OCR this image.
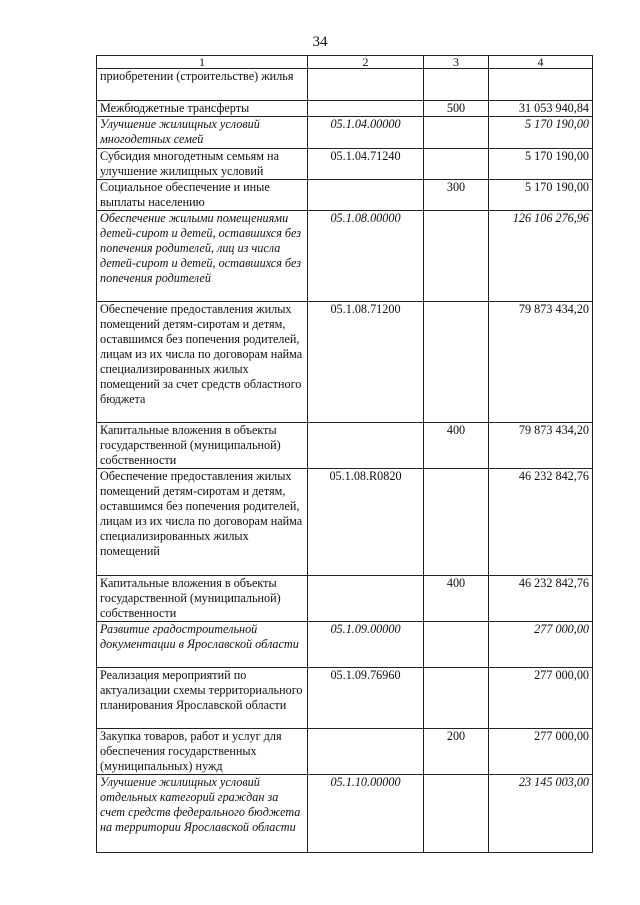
34
1	2	3	4
приобретении (строительстве) жилья			
Межбюджетные трансферты		500	31 053 940,84
Улучшение жилищных условий многодетных семей	05.1.04.00000		5 170 190,00
Субсидия многодетным семьям на улучшение жилищных условий	05.1.04.71240		5 170 190,00
Социальное обеспечение и иные выплаты населению		300	5 170 190,00
Обеспечение жилыми помещениями детей-сирот и детей, оставшихся без попечения родителей, лиц из числа детей-сирот и детей, оставшихся без попечения родителей	05.1.08.00000		126 106 276,96
Обеспечение предоставления жилых помещений детям-сиротам и детям, оставшимся без попечения родителей, лицам из их числа по договорам найма специализированных жилых помещений за счет средств областного бюджета	05.1.08.71200		79 873 434,20
Капитальные вложения в объекты государственной (муниципальной) собственности		400	79 873 434,20
Обеспечение предоставления жилых помещений детям-сиротам и детям, оставшимся без попечения родителей, лицам из их числа по договорам найма специализированных жилых помещений	05.1.08.R0820		46 232 842,76
Капитальные вложения в объекты государственной (муниципальной) собственности		400	46 232 842,76
Развитие градостроительной документации в Ярославской области	05.1.09.00000		277 000,00
Реализация мероприятий по актуализации схемы территориального планирования Ярославской области	05.1.09.76960		277 000,00
Закупка товаров, работ и услуг для обеспечения государственных (муниципальных) нужд		200	277 000,00
Улучшение жилищных условий отдельных категорий граждан за счет средств федерального бюджета на территории Ярославской области	05.1.10.00000		23 145 003,00
